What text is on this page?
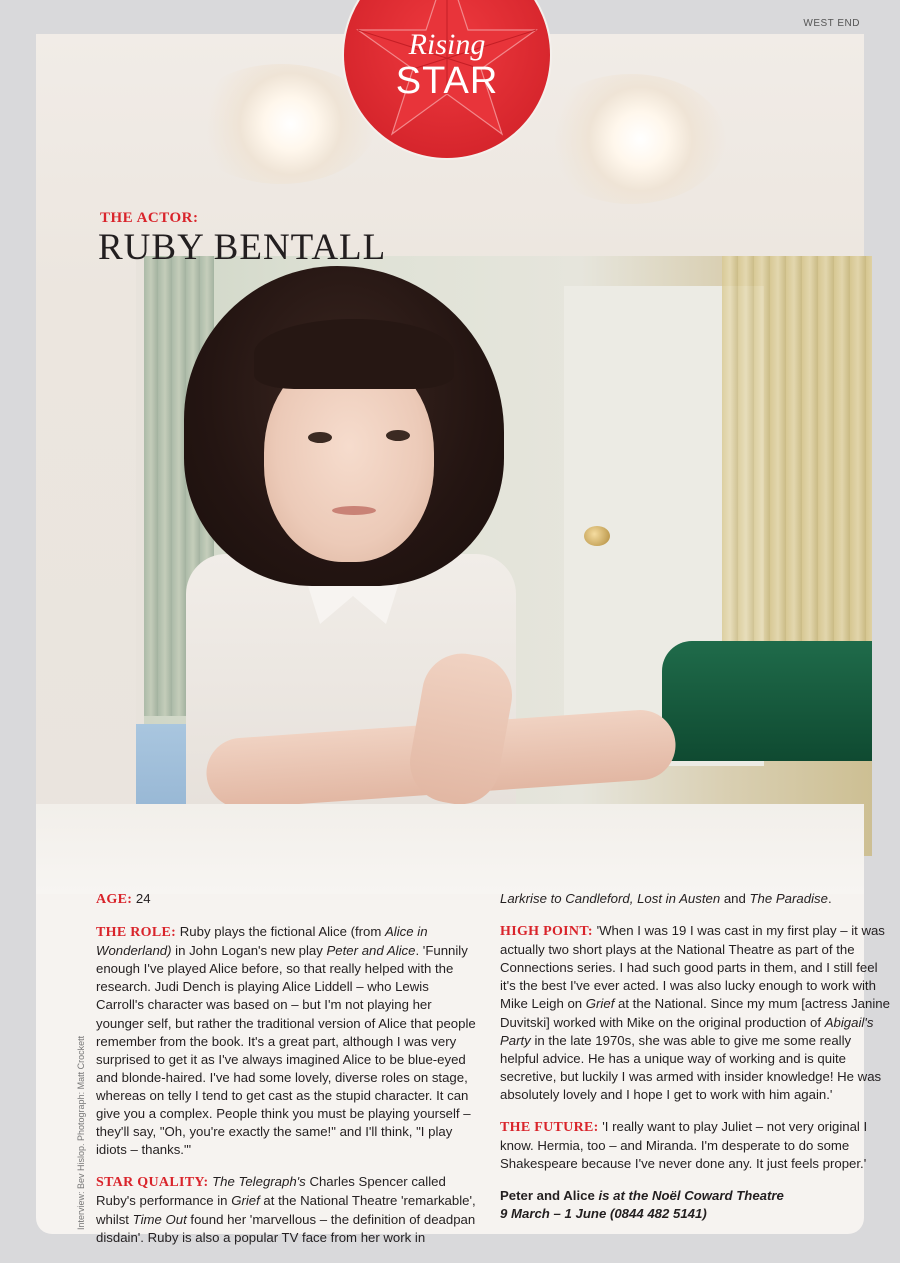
WEST END
THE ACTOR:
RUBY BENTALL

AGE: 24

THE ROLE: Ruby plays the fictional Alice (from Alice in Wonderland) in John Logan's new play Peter and Alice. 'Funnily enough I've played Alice before, so that really helped with the research. Judi Dench is playing Alice Liddell – who Lewis Carroll's character was based on – but I'm not playing her younger self, but rather the traditional version of Alice that people remember from the book. It's a great part, although I was very surprised to get it as I've always imagined Alice to be blue-eyed and blonde-haired. I've had some lovely, diverse roles on stage, whereas on telly I tend to get cast as the stupid character. It can give you a complex. People think you must be playing yourself – they'll say, "Oh, you're exactly the same!" and I'll think, "I play idiots – thanks."'

STAR QUALITY: The Telegraph's Charles Spencer called Ruby's performance in Grief at the National Theatre 'remarkable', whilst Time Out found her 'marvellous – the definition of deadpan disdain'. Ruby is also a popular TV face from her work in

Larkrise to Candleford, Lost in Austen and The Paradise.

HIGH POINT: 'When I was 19 I was cast in my first play – it was actually two short plays at the National Theatre as part of the Connections series. I had such good parts in them, and I still feel it's the best I've ever acted. I was also lucky enough to work with Mike Leigh on Grief at the National. Since my mum [actress Janine Duvitski] worked with Mike on the original production of Abigail's Party in the late 1970s, she was able to give me some really helpful advice. He has a unique way of working and is quite secretive, but luckily I was armed with insider knowledge! He was absolutely lovely and I hope I get to work with him again.'

THE FUTURE: 'I really want to play Juliet – not very original I know. Hermia, too – and Miranda. I'm desperate to do some Shakespeare because I've never done any. It just feels proper.'

Peter and Alice is at the Noël Coward Theatre
9 March – 1 June (0844 482 5141)

Interview: Bev Hislop. Photograph: Matt Crockett
Rising
STAR
